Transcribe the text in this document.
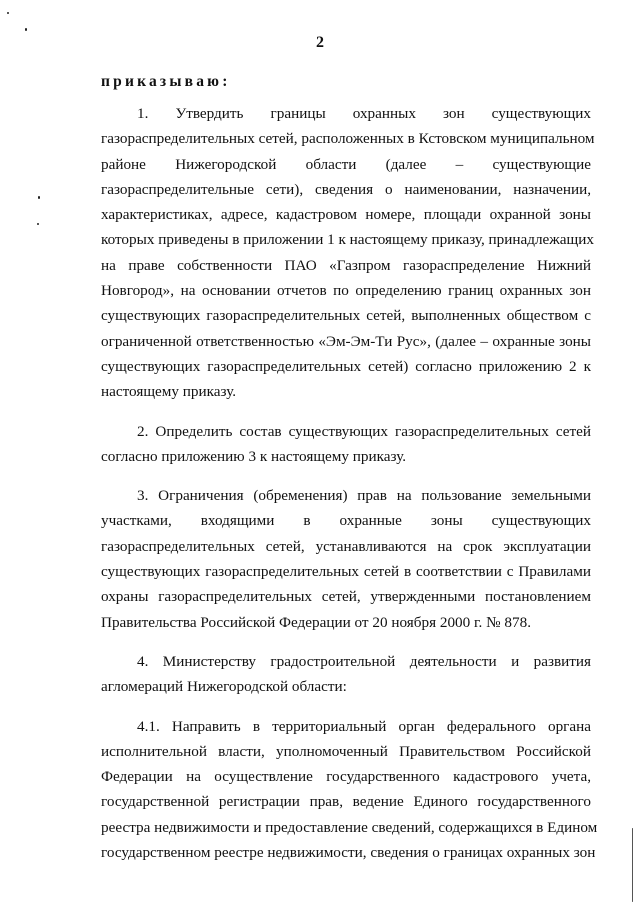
2
приказываю:

1. Утвердить границы охранных зон существующих
газораспределительных сетей, расположенных в Кстовском муниципальном
районе Нижегородской области (далее – существующие
газораспределительные сети), сведения о наименовании, назначении,
характеристиках, адресе, кадастровом номере, площади охранной зоны
которых приведены в приложении 1 к настоящему приказу, принадлежащих
на праве собственности ПАО «Газпром газораспределение Нижний
Новгород», на основании отчетов по определению границ охранных зон
существующих газораспределительных сетей, выполненных обществом с
ограниченной ответственностью «Эм-Эм-Ти Рус», (далее – охранные зоны
существующих газораспределительных сетей) согласно приложению 2 к
настоящему приказу.

2. Определить состав существующих газораспределительных сетей
согласно приложению 3 к настоящему приказу.

3. Ограничения (обременения) прав на пользование земельными
участками, входящими в охранные зоны существующих
газораспределительных сетей, устанавливаются на срок эксплуатации
существующих газораспределительных сетей в соответствии с Правилами
охраны газораспределительных сетей, утвержденными постановлением
Правительства Российской Федерации от 20 ноября 2000 г. № 878.

4. Министерству градостроительной деятельности и развития
агломераций Нижегородской области:

4.1. Направить в территориальный орган федерального органа
исполнительной власти, уполномоченный Правительством Российской
Федерации на осуществление государственного кадастрового учета,
государственной регистрации прав, ведение Единого государственного
реестра недвижимости и предоставление сведений, содержащихся в Едином
государственном реестре недвижимости, сведения о границах охранных зон
